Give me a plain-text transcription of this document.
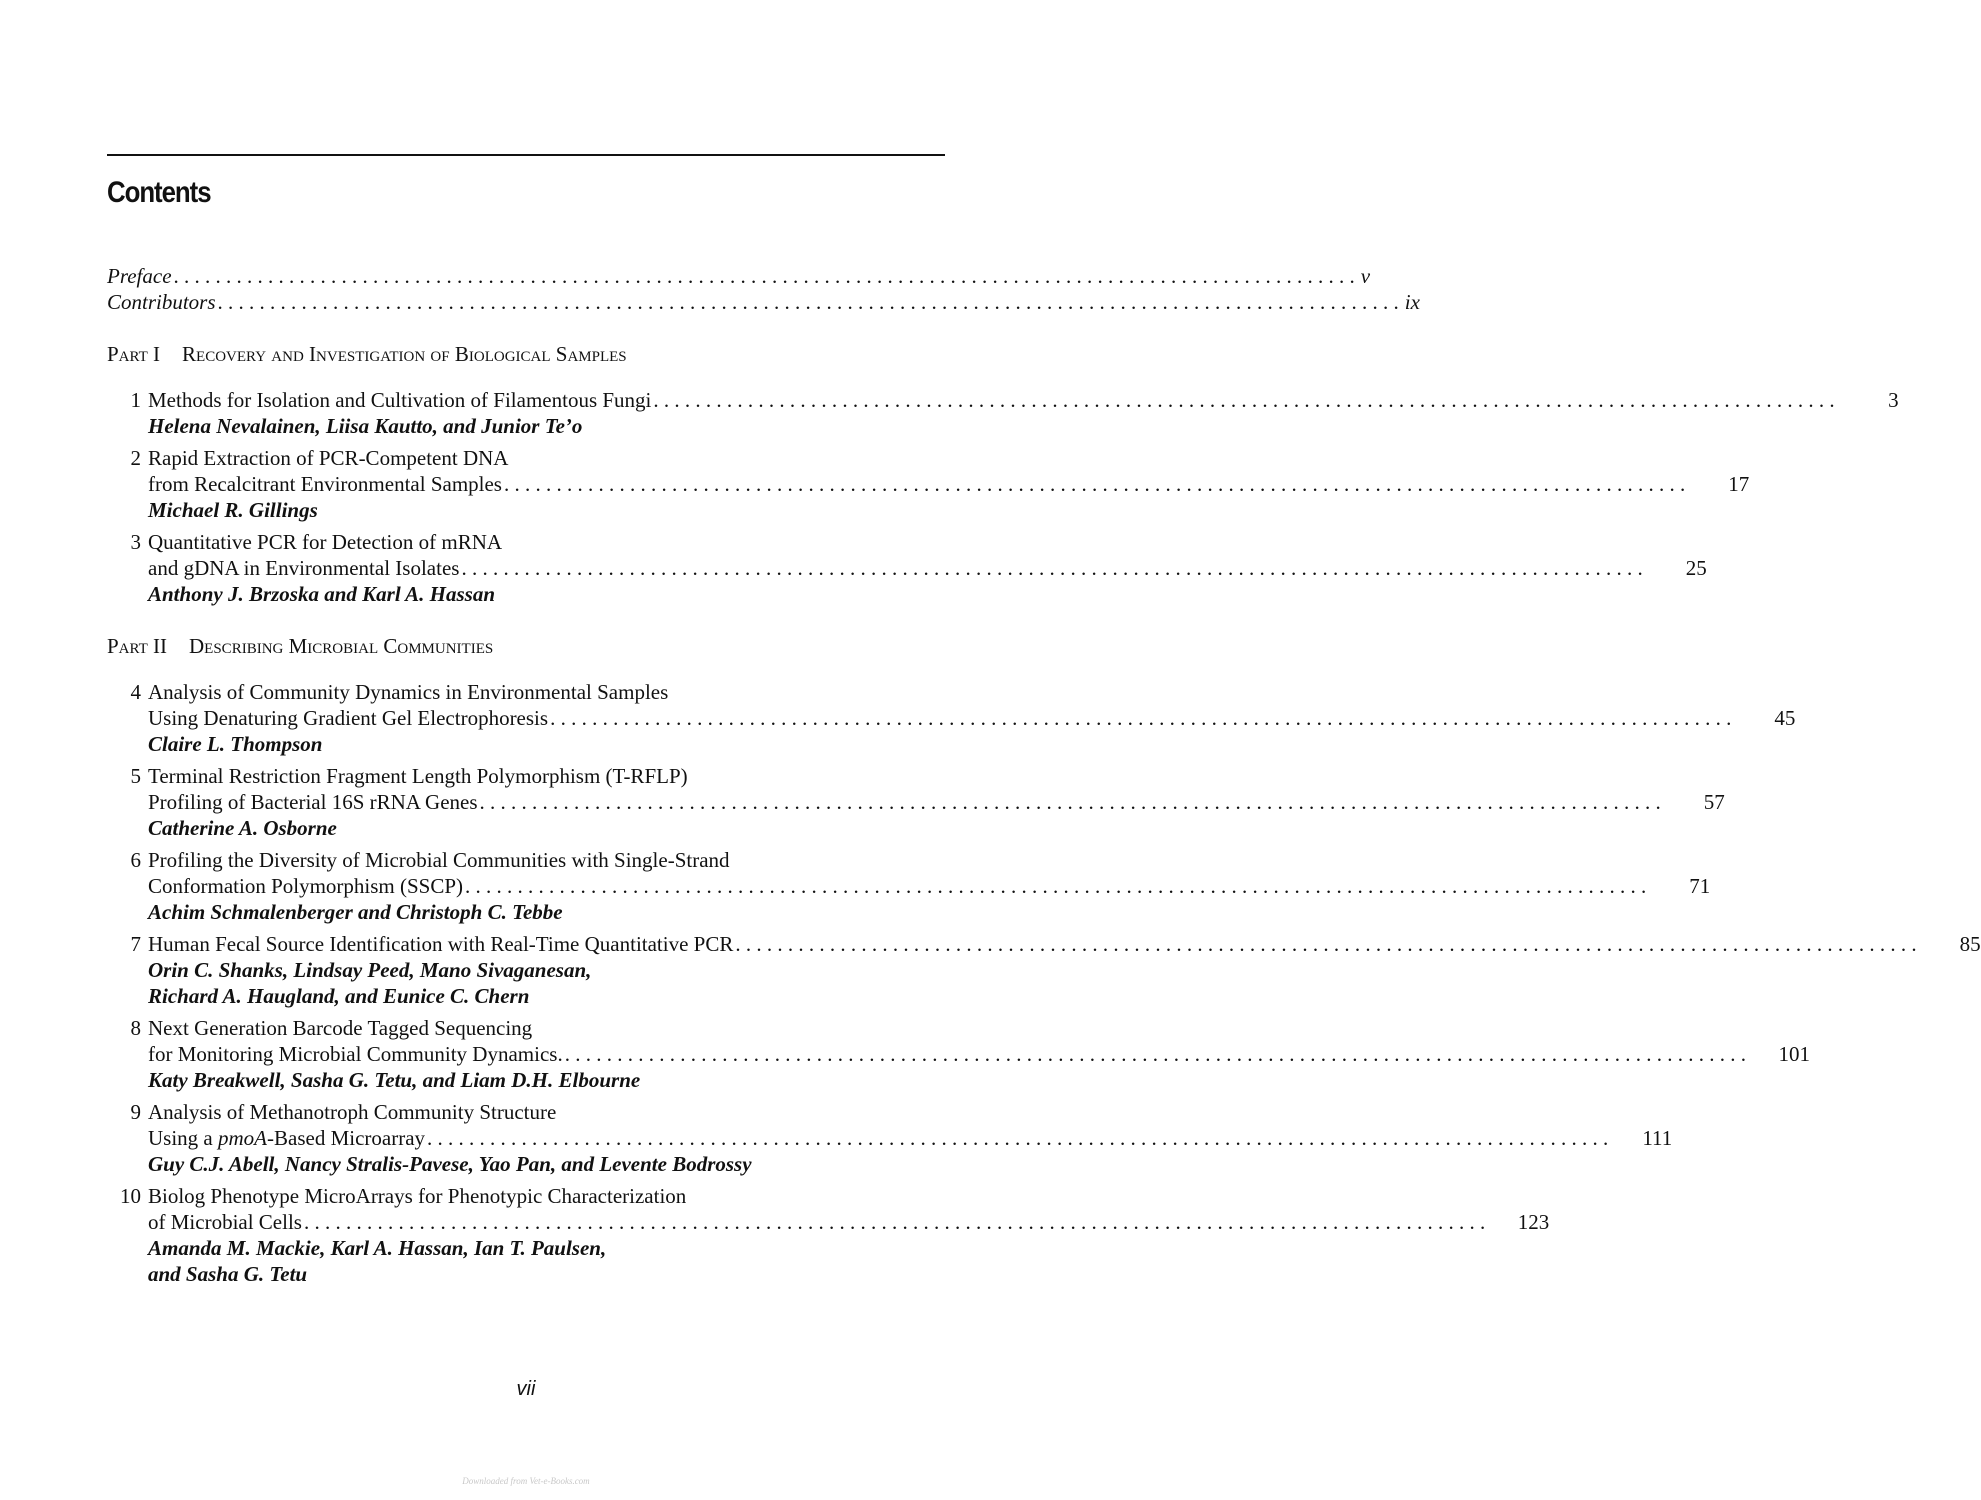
Contents
Preface . . .	v
Contributors . . .	ix
Part I Recovery and Investigation of Biological Samples
1 Methods for Isolation and Cultivation of Filamentous Fungi . . .	3
Helena Nevalainen, Liisa Kautto, and Junior Te’o
2 Rapid Extraction of PCR-Competent DNA
from Recalcitrant Environmental Samples . . .	17
Michael R. Gillings
3 Quantitative PCR for Detection of mRNA
and gDNA in Environmental Isolates . . .	25
Anthony J. Brzoska and Karl A. Hassan
Part II Describing Microbial Communities
4 Analysis of Community Dynamics in Environmental Samples
Using Denaturing Gradient Gel Electrophoresis . . .	45
Claire L. Thompson
5 Terminal Restriction Fragment Length Polymorphism (T-RFLP)
Profiling of Bacterial 16S rRNA Genes . . .	57
Catherine A. Osborne
6 Profiling the Diversity of Microbial Communities with Single-Strand
Conformation Polymorphism (SSCP) . . .	71
Achim Schmalenberger and Christoph C. Tebbe
7 Human Fecal Source Identification with Real-Time Quantitative PCR . . .	85
Orin C. Shanks, Lindsay Peed, Mano Sivaganesan,
Richard A. Haugland, and Eunice C. Chern
8 Next Generation Barcode Tagged Sequencing
for Monitoring Microbial Community Dynamics. . . .	101
Katy Breakwell, Sasha G. Tetu, and Liam D.H. Elbourne
9 Analysis of Methanotroph Community Structure
Using a pmoA-Based Microarray . . .	111
Guy C.J. Abell, Nancy Stralis-Pavese, Yao Pan, and Levente Bodrossy
10 Biolog Phenotype MicroArrays for Phenotypic Characterization
of Microbial Cells . . .	123
Amanda M. Mackie, Karl A. Hassan, Ian T. Paulsen,
and Sasha G. Tetu
vii
Downloaded from Vet-e-Books.com
